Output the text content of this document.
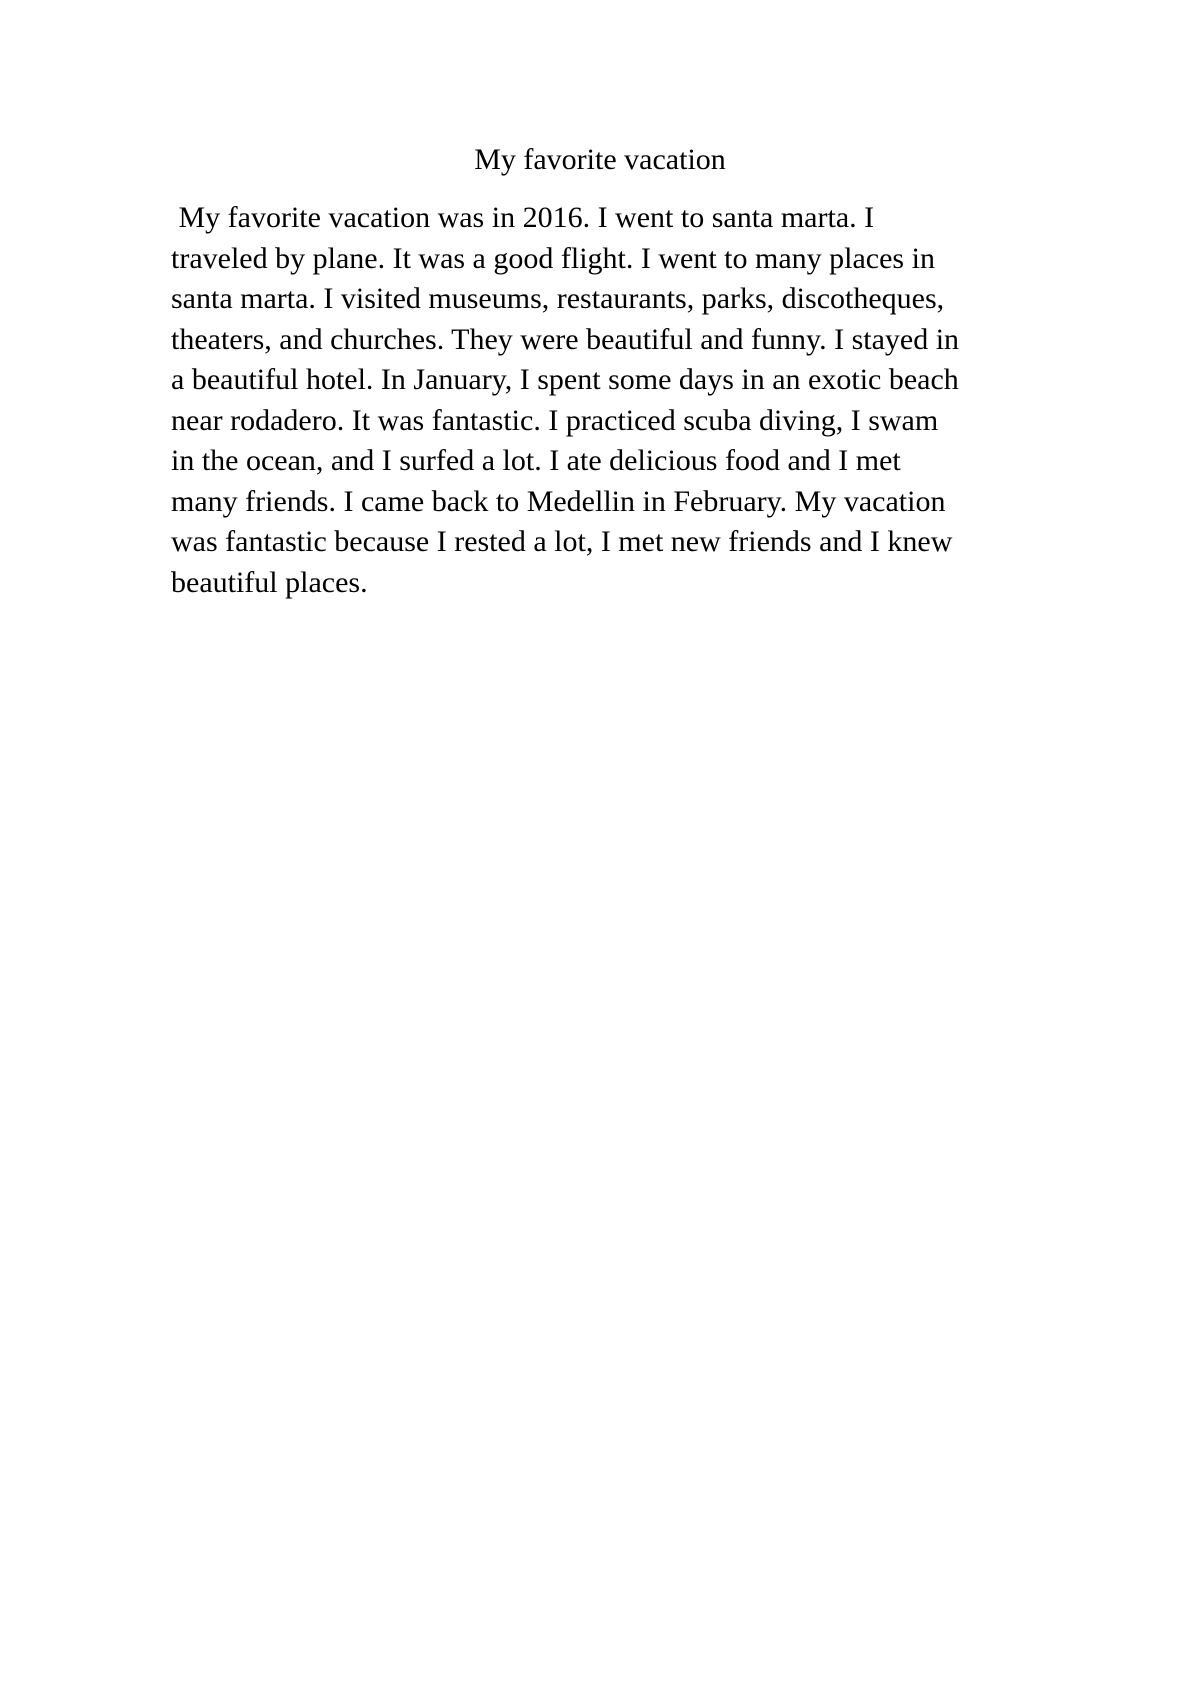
My favorite vacation
My favorite vacation was in 2016. I went to santa marta. I
traveled by plane. It was a good flight. I went to many places in
santa marta. I visited museums, restaurants, parks, discotheques,
theaters, and churches. They were beautiful and funny. I stayed in
a beautiful hotel. In January, I spent some days in an exotic beach
near rodadero. It was fantastic. I practiced scuba diving, I swam
in the ocean, and I surfed a lot. I ate delicious food and I met
many friends. I came back to Medellin in February. My vacation
was fantastic because I rested a lot, I met new friends and I knew
beautiful places.
